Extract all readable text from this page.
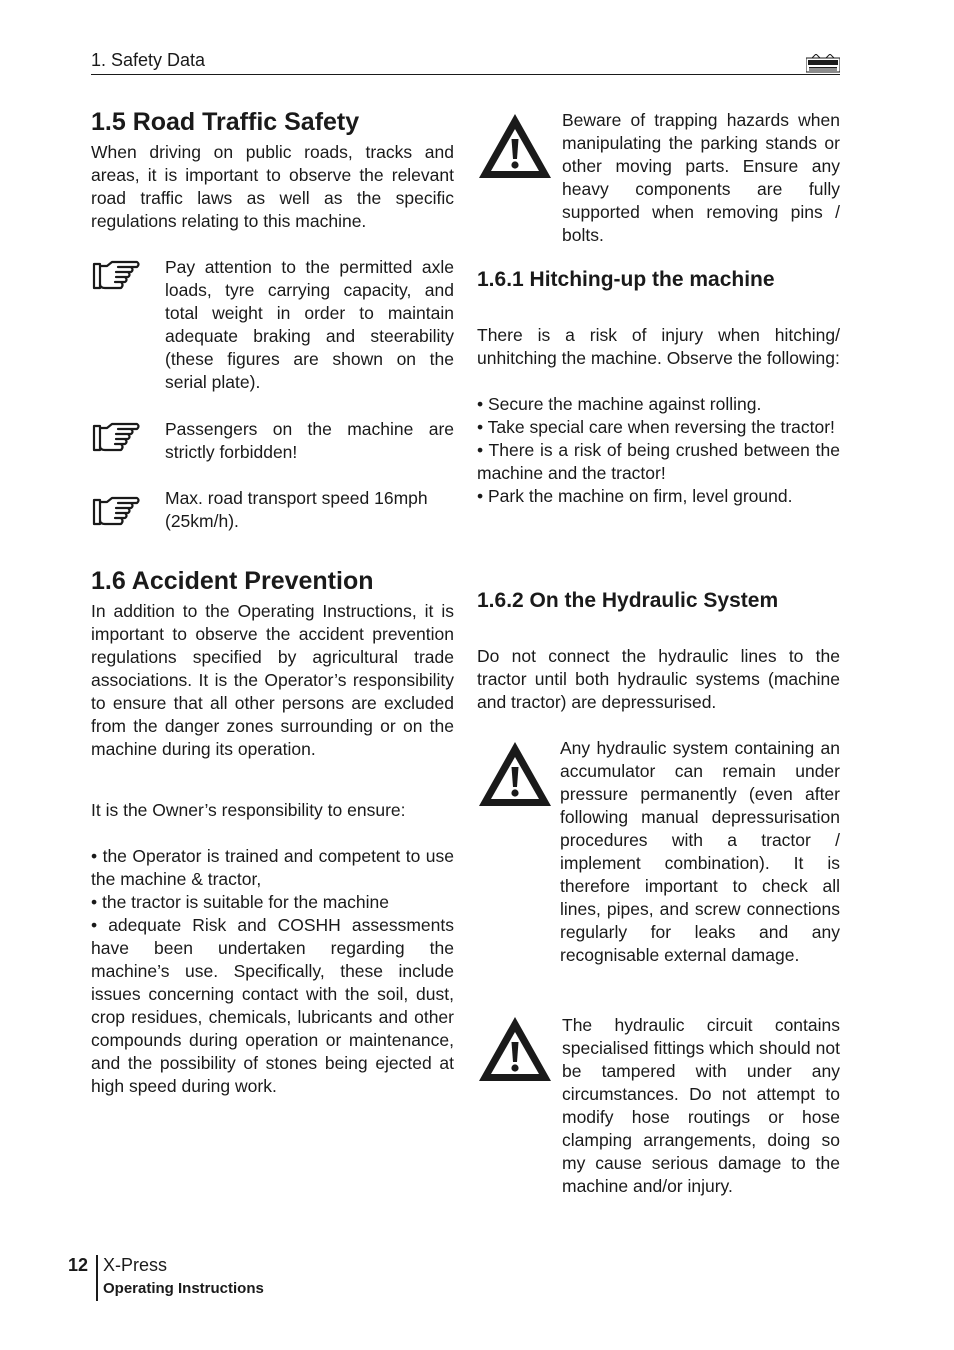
1. Safety Data
1.5 Road Traffic Safety
When driving on public roads, tracks and areas, it is important to observe the relevant road traffic laws as well as the specific regulations relating to this machine.
Pay attention to the permitted axle loads, tyre carrying capacity, and total weight in order to maintain adequate braking and steerability (these figures are shown on the serial plate).
Passengers on the machine are strictly forbidden!
Max. road transport speed 16mph (25km/h).
1.6 Accident Prevention
In addition to the Operating Instructions, it is important to observe the accident prevention regulations specified by agricultural trade associations. It is the Operator’s responsibility to ensure that all other persons are excluded from the danger zones surrounding or on the machine during its operation.

It is the Owner’s responsibility to ensure:

• the Operator is trained and competent to use the machine & tractor,

• the tractor is suitable for the machine

• adequate Risk and COSHH assessments have been undertaken regarding the machine’s use. Specifically, these include issues concerning contact with the soil, dust, crop residues, chemicals, lubricants and other compounds during operation or maintenance, and the possibility of stones being ejected at high speed during work.

Beware of trapping hazards when manipulating the parking stands or other moving parts. Ensure any heavy components are fully supported when removing pins / bolts.
1.6.1 Hitching-up the machine

There is a risk of injury when hitching/ unhitching the machine. Observe the following:

• Secure the machine against rolling.

• Take special care when reversing the tractor!

• There is a risk of being crushed between the machine and the tractor!

• Park the machine on firm, level ground.

1.6.2 On the Hydraulic System
Do not connect the hydraulic lines to the tractor until both hydraulic systems (machine and tractor) are depressurised.
Any hydraulic system containing an accumulator can remain under pressure permanently (even after following manual depressurisation procedures with a tractor / implement combination). It is therefore important to check all lines, pipes, and screw connections regularly for leaks and any recognisable external damage.
The hydraulic circuit contains specialised fittings which should not be tampered with under any circumstances. Do not attempt to modify hose routings or hose clamping arrangements, doing so my cause serious damage to the machine and/or injury.
12 X-Press
Operating Instructions
